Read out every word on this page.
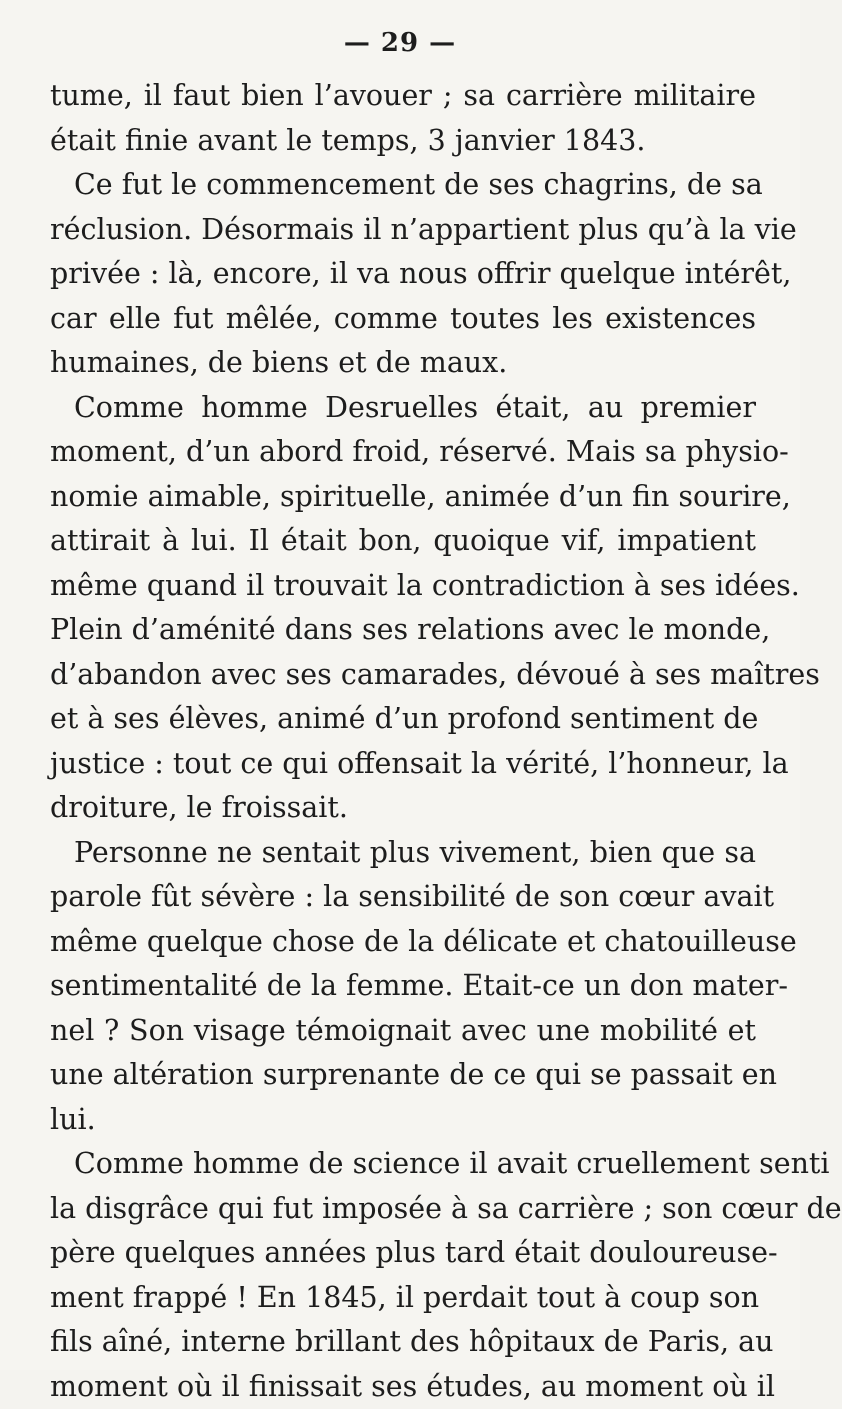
— 29 —
tume, il faut bien l’avouer ; sa carrière militaire
était finie avant le temps, 3 janvier 1843.
Ce fut le commencement de ses chagrins, de sa
réclusion. Désormais il n’appartient plus qu’à la vie
privée : là, encore, il va nous offrir quelque intérêt,
car elle fut mêlée, comme toutes les existences
humaines, de biens et de maux.
Comme homme Desruelles était, au premier
moment, d’un abord froid, réservé. Mais sa physio-
nomie aimable, spirituelle, animée d’un fin sourire,
attirait à lui. Il était bon, quoique vif, impatient
même quand il trouvait la contradiction à ses idées.
Plein d’aménité dans ses relations avec le monde,
d’abandon avec ses camarades, dévoué à ses maîtres
et à ses élèves, animé d’un profond sentiment de
justice : tout ce qui offensait la vérité, l’honneur, la
droiture, le froissait.
Personne ne sentait plus vivement, bien que sa
parole fût sévère : la sensibilité de son cœur avait
même quelque chose de la délicate et chatouilleuse
sentimentalité de la femme. Etait-ce un don mater-
nel ? Son visage témoignait avec une mobilité et
une altération surprenante de ce qui se passait en
lui.
Comme homme de science il avait cruellement senti
la disgrâce qui fut imposée à sa carrière ; son cœur de
père quelques années plus tard était douloureuse-
ment frappé ! En 1845, il perdait tout à coup son
fils aîné, interne brillant des hôpitaux de Paris, au
moment où il finissait ses études, au moment où il
